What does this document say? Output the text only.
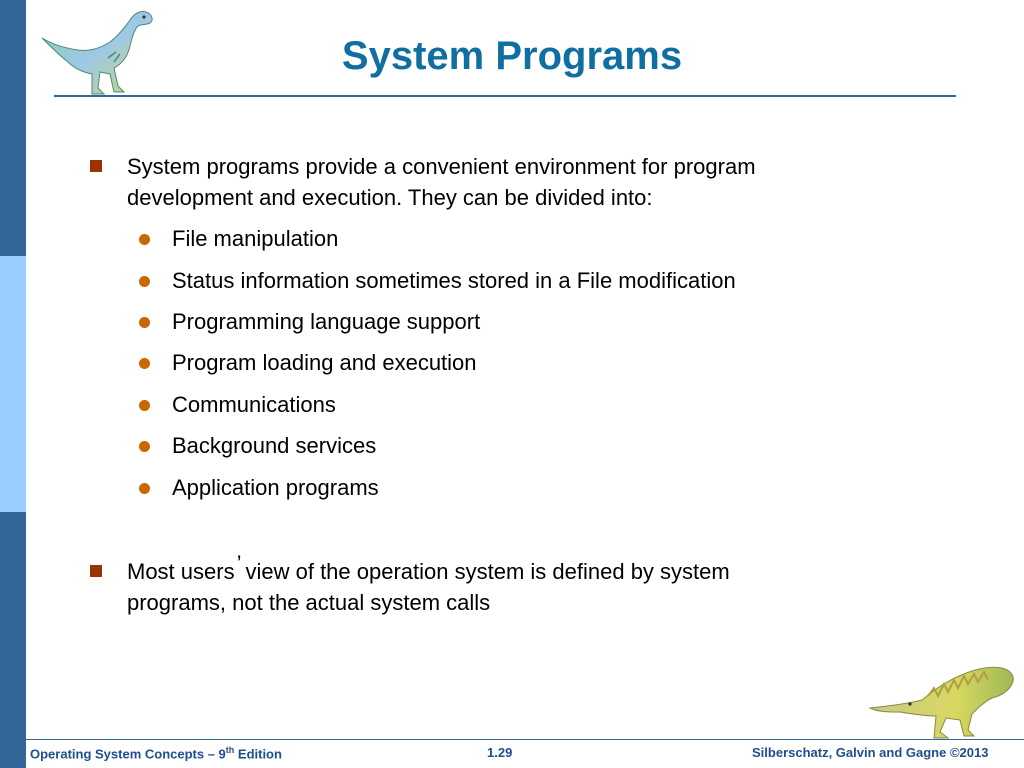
System Programs
System programs provide a convenient environment for program
development and execution. They can be divided into:
File manipulation
Status information sometimes stored in a File modification
Programming language support
Program loading and execution
Communications
Background services
Application programs
Most users’ view of the operation system is defined by system
programs, not the actual system calls
Operating System Concepts – 9th Edition	1.29	Silberschatz, Galvin and Gagne ©2013
